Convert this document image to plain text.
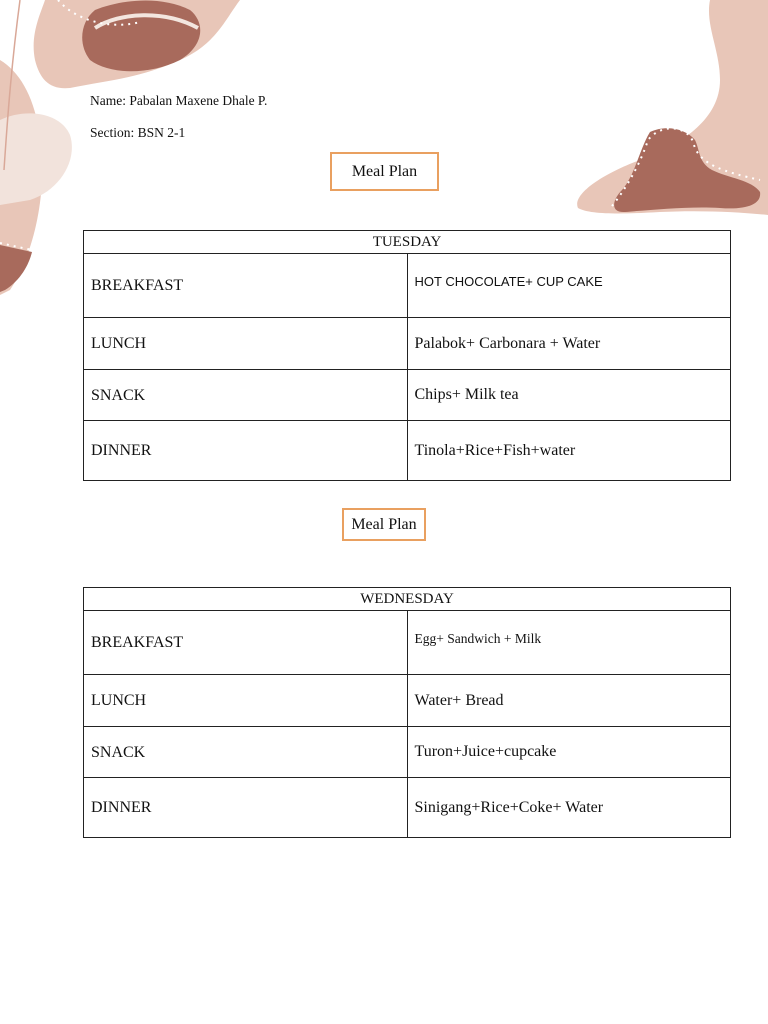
Name: Pabalan Maxene Dhale P.
Section: BSN 2-1
Meal Plan
TUESDAY	
BREAKFAST	HOT CHOCOLATE+ CUP CAKE
LUNCH	Palabok+ Carbonara + Water
SNACK	Chips+ Milk tea
DINNER	Tinola+Rice+Fish+water
Meal Plan
WEDNESDAY	
BREAKFAST	Egg+ Sandwich + Milk
LUNCH	Water+ Bread
SNACK	Turon+Juice+cupcake
DINNER	Sinigang+Rice+Coke+ Water
